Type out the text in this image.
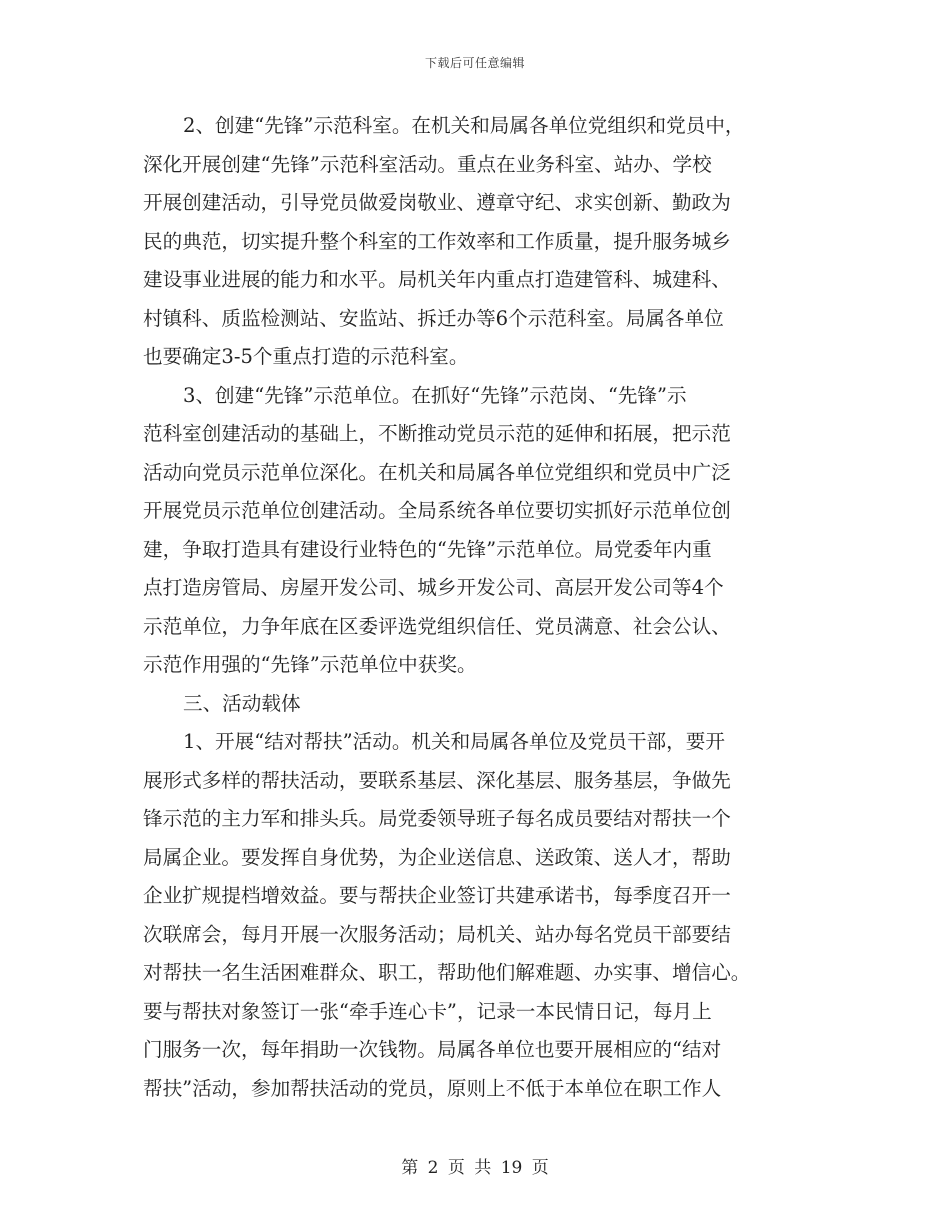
下载后可任意编辑
2、创建“先锋”示范科室。在机关和局属各单位党组织和党员中，
深化开展创建“先锋”示范科室活动。重点在业务科室、站办、学校
开展创建活动，引导党员做爱岗敬业、遵章守纪、求实创新、勤政为
民的典范，切实提升整个科室的工作效率和工作质量，提升服务城乡
建设事业进展的能力和水平。局机关年内重点打造建管科、城建科、
村镇科、质监检测站、安监站、拆迁办等6个示范科室。局属各单位
也要确定3-5个重点打造的示范科室。
3、创建“先锋”示范单位。在抓好“先锋”示范岗、“先锋”示
范科室创建活动的基础上，不断推动党员示范的延伸和拓展，把示范
活动向党员示范单位深化。在机关和局属各单位党组织和党员中广泛
开展党员示范单位创建活动。全局系统各单位要切实抓好示范单位创
建，争取打造具有建设行业特色的“先锋”示范单位。局党委年内重
点打造房管局、房屋开发公司、城乡开发公司、高层开发公司等4个
示范单位，力争年底在区委评选党组织信任、党员满意、社会公认、
示范作用强的“先锋”示范单位中获奖。
三、活动载体
1、开展“结对帮扶”活动。机关和局属各单位及党员干部，要开
展形式多样的帮扶活动，要联系基层、深化基层、服务基层，争做先
锋示范的主力军和排头兵。局党委领导班子每名成员要结对帮扶一个
局属企业。要发挥自身优势，为企业送信息、送政策、送人才，帮助
企业扩规提档增效益。要与帮扶企业签订共建承诺书，每季度召开一
次联席会，每月开展一次服务活动；局机关、站办每名党员干部要结
对帮扶一名生活困难群众、职工，帮助他们解难题、办实事、增信心。
要与帮扶对象签订一张“牵手连心卡”，记录一本民情日记，每月上
门服务一次，每年捐助一次钱物。局属各单位也要开展相应的“结对
帮扶”活动，参加帮扶活动的党员，原则上不低于本单位在职工作人
第 2 页 共 19 页
